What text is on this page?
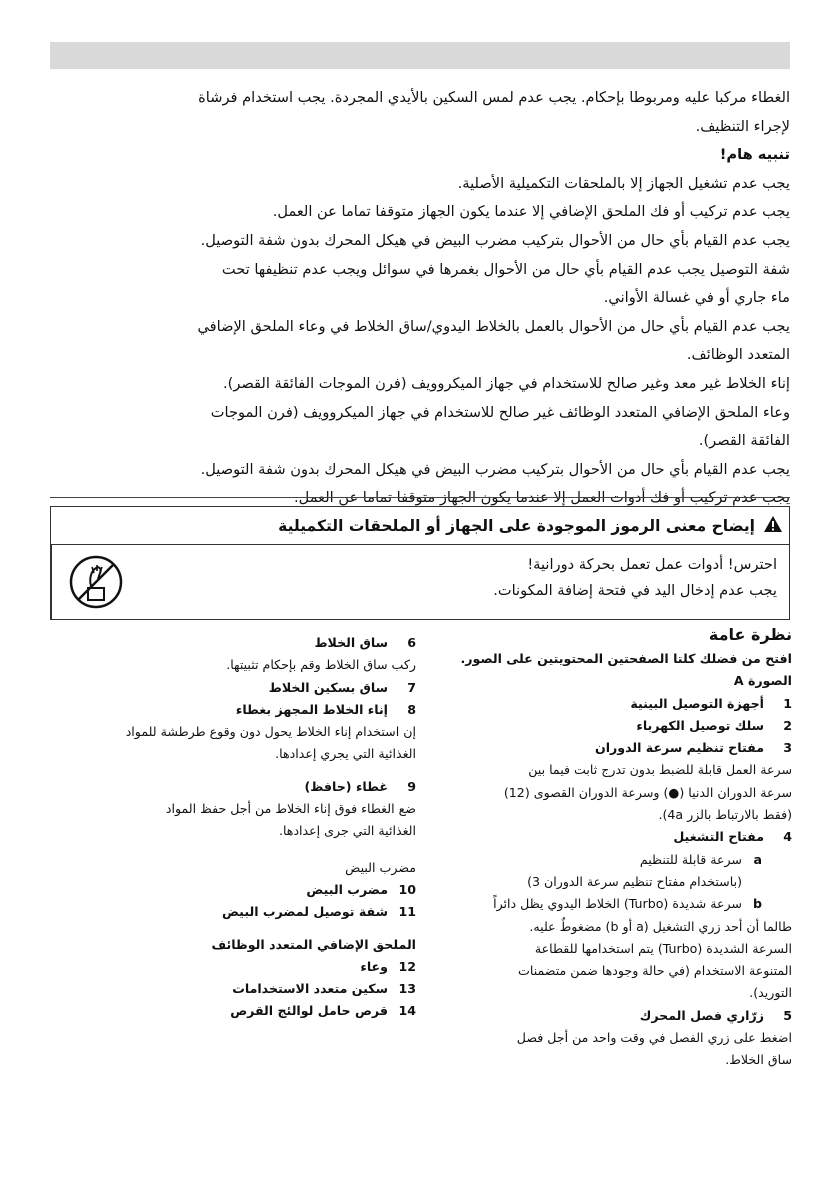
الغطاء مركبا عليه ومربوطا بإحكام. يجب عدم لمس السكين بالأيدي المجردة. يجب استخدام فرشاة

لإجراء التنظيف.

تنبيه هام!

يجب عدم تشغيل الجهاز إلا بالملحقات التكميلية الأصلية.

يجب عدم تركيب أو فك الملحق الإضافي إلا عندما يكون الجهاز متوقفا تماما عن العمل.

يجب عدم القيام بأي حال من الأحوال بتركيب مضرب البيض في هيكل المحرك بدون شفة التوصيل.

شفة التوصيل يجب عدم القيام بأي حال من الأحوال بغمرها في سوائل ويجب عدم تنظيفها تحت

ماء جاري أو في غسالة الأواني.

يجب عدم القيام بأي حال من الأحوال بالعمل بالخلاط اليدوي/ساق الخلاط في وعاء الملحق الإضافي

المتعدد الوظائف.

إناء الخلاط غير معد وغير صالح للاستخدام في جهاز الميكروويف (فرن الموجات الفائقة القصر).

وعاء الملحق الإضافي المتعدد الوظائف غير صالح للاستخدام في جهاز الميكروويف (فرن الموجات

الفائقة القصر).

يجب عدم القيام بأي حال من الأحوال بتركيب مضرب البيض في هيكل المحرك بدون شفة التوصيل.

يجب عدم تركيب أو فك أدوات العمل إلا عندما يكون الجهاز متوقفا تماما عن العمل.

إيضاح معنى الرموز الموجودة على الجهاز أو الملحقات التكميلية
احترس! أدوات عمل تعمل بحركة دورانية!
يجب عدم إدخال اليد في فتحة إضافة المكونات.
نظرة عامة
افتح من فضلك كلتا الصفحتين المحتويتين على الصور.
الصورة A
1
أجهزة التوصيل البينية
2
سلك توصيل الكهرباء
3
مفتاح تنظيم سرعة الدوران
سرعة العمل قابلة للضبط بدون تدرج ثابت فيما بين
سرعة الدوران الدنيا (●) وسرعة الدوران القصوى (12)
(فقط بالارتباط بالزر 4a).
4
مفتاح التشغيل
a
سرعة قابلة للتنظيم
(باستخدام مفتاح تنظيم سرعة الدوران 3)
b
سرعة شديدة (Turbo) الخلاط اليدوي يظل دائراً
طالما أن أحد زري التشغيل (a أو b) مضغوطٌ عليه.
السرعة الشديدة (Turbo) يتم استخدامها للقطاعة
المتنوعة الاستخدام (في حالة وجودها ضمن متضمنات
التوريد).
5
زرّاري فصل المحرك
اضغط على زري الفصل في وقت واحد من أجل فصل
ساق الخلاط.
6
ساق الخلاط
ركب ساق الخلاط وقم بإحكام تثبيتها.
7
ساق بسكين الخلاط
8
إناء الخلاط المجهز بغطاء
إن استخدام إناء الخلاط يحول دون وقوع طرطشة للمواد
الغذائية التي يجري إعدادها.
9
غطاء (حافظ)
ضع الغطاء فوق إناء الخلاط من أجل حفظ المواد
الغذائية التي جرى إعدادها.
مضرب البيض
10
مضرب البيض
11
شفة توصيل لمضرب البيض
الملحق الإضافي المتعدد الوظائف
12
وعاء
13
سكين متعدد الاستخدامات
14
قرص حامل لوالئج القرص
